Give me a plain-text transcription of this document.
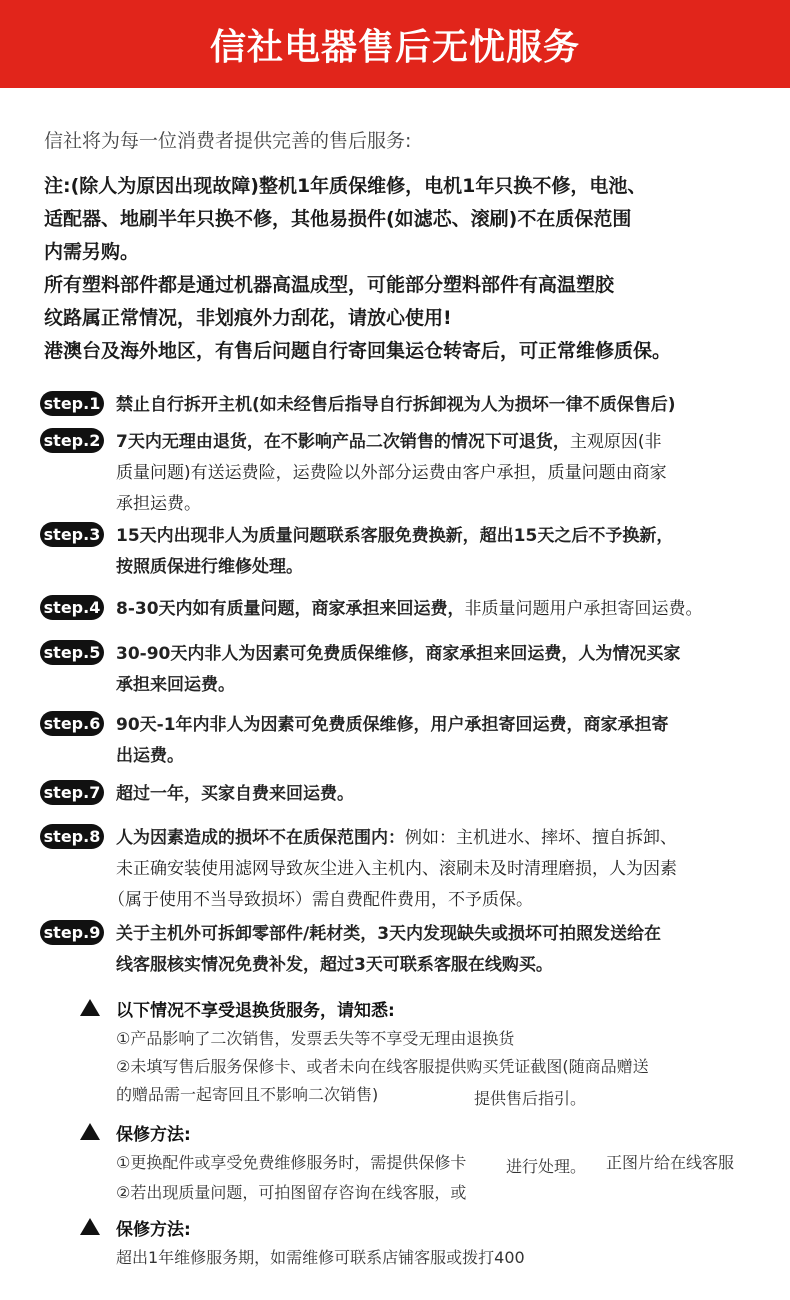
信社电器售后无忧服务
信社将为每一位消费者提供完善的售后服务:
注:(除人为原因出现故障)整机1年质保维修，电机1年只换不修，电池、
适配器、地刷半年只换不修，其他易损件(如滤芯、滚刷)不在质保范围
内需另购。
所有塑料部件都是通过机器高温成型，可能部分塑料部件有高温塑胶
纹路属正常情况，非划痕外力刮花，请放心使用!
港澳台及海外地区，有售后问题自行寄回集运仓转寄后，可正常维修质保。
step.1 禁止自行拆开主机(如未经售后指导自行拆卸视为人为损坏一律不质保售后)
step.2 7天内无理由退货，在不影响产品二次销售的情况下可退货，主观原因(非
质量问题)有送运费险，运费险以外部分运费由客户承担，质量问题由商家
承担运费。
step.3 15天内出现非人为质量问题联系客服免费换新，超出15天之后不予换新，
按照质保进行维修处理。
step.4 8-30天内如有质量问题，商家承担来回运费，非质量问题用户承担寄回运费。
step.5 30-90天内非人为因素可免费质保维修，商家承担来回运费，人为情况买家
承担来回运费。
step.6 90天-1年内非人为因素可免费质保维修，用户承担寄回运费，商家承担寄
出运费。
step.7 超过一年，买家自费来回运费。
step.8 人为因素造成的损坏不在质保范围内：例如：主机进水、摔坏、擅自拆卸、
未正确安装使用滤网导致灰尘进入主机内、滚刷未及时清理磨损，人为因素
（属于使用不当导致损坏）需自费配件费用，不予质保。
step.9 关于主机外可拆卸零部件/耗材类，3天内发现缺失或损坏可拍照发送给在
线客服核实情况免费补发，超过3天可联系客服在线购买。
以下情况不享受退换货服务，请知悉:
①产品影响了二次销售，发票丢失等不享受无理由退换货
②未填写售后服务保修卡、或者未向在线客服提供购买凭证截图(随商品赠送
的赠品需一起寄回且不影响二次销售)	提供售后指引。
保修方法:
①更换配件或享受免费维修服务时，需提供保修卡
②若出现质量问题，可拍图留存咨询在线客服，或
进行处理。 正图片给在线客服
保修方法:
超出1年维修服务期，如需维修可联系店铺客服或拨打400
